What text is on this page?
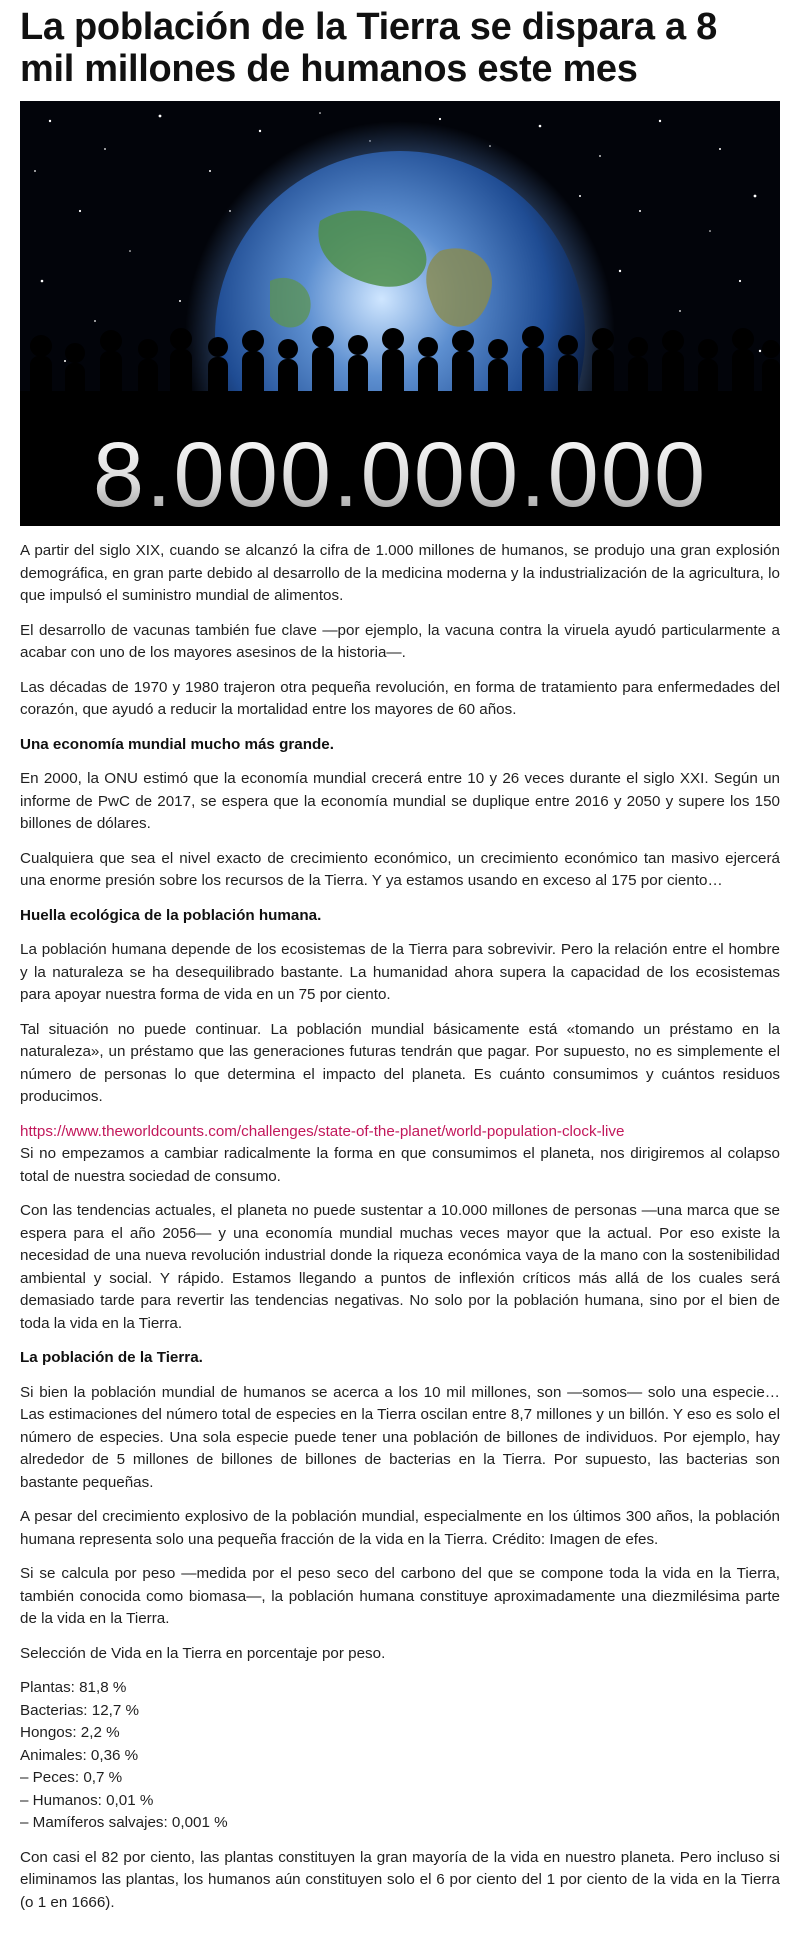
La población de la Tierra se dispara a 8 mil millones de humanos este mes
8.000.000.000

A partir del siglo XIX, cuando se alcanzó la cifra de 1.000 millones de humanos, se produjo una gran explosión demográfica, en gran parte debido al desarrollo de la medicina moderna y la industrialización de la agricultura, lo que impulsó el suministro mundial de alimentos.

El desarrollo de vacunas también fue clave —por ejemplo, la vacuna contra la viruela ayudó particularmente a acabar con uno de los mayores asesinos de la historia—.

Las décadas de 1970 y 1980 trajeron otra pequeña revolución, en forma de tratamiento para enfermedades del corazón, que ayudó a reducir la mortalidad entre los mayores de 60 años.

Una economía mundial mucho más grande.

En 2000, la ONU estimó que la economía mundial crecerá entre 10 y 26 veces durante el siglo XXI. Según un informe de PwC de 2017, se espera que la economía mundial se duplique entre 2016 y 2050 y supere los 150 billones de dólares.

Cualquiera que sea el nivel exacto de crecimiento económico, un crecimiento económico tan masivo ejercerá una enorme presión sobre los recursos de la Tierra. Y ya estamos usando en exceso al 175 por ciento…

Huella ecológica de la población humana.

La población humana depende de los ecosistemas de la Tierra para sobrevivir. Pero la relación entre el hombre y la naturaleza se ha desequilibrado bastante. La humanidad ahora supera la capacidad de los ecosistemas para apoyar nuestra forma de vida en un 75 por ciento.

Tal situación no puede continuar. La población mundial básicamente está «tomando un préstamo en la naturaleza», un préstamo que las generaciones futuras tendrán que pagar. Por supuesto, no es simplemente el número de personas lo que determina el impacto del planeta. Es cuánto consumimos y cuántos residuos producimos.

https://www.theworldcounts.com/challenges/state-of-the-planet/world-population-clock-live

Si no empezamos a cambiar radicalmente la forma en que consumimos el planeta, nos dirigiremos al colapso total de nuestra sociedad de consumo.

Con las tendencias actuales, el planeta no puede sustentar a 10.000 millones de personas —una marca que se espera para el año 2056— y una economía mundial muchas veces mayor que la actual. Por eso existe la necesidad de una nueva revolución industrial donde la riqueza económica vaya de la mano con la sostenibilidad ambiental y social. Y rápido. Estamos llegando a puntos de inflexión críticos más allá de los cuales será demasiado tarde para revertir las tendencias negativas. No solo por la población humana, sino por el bien de toda la vida en la Tierra.

La población de la Tierra.

Si bien la población mundial de humanos se acerca a los 10 mil millones, son —somos— solo una especie… Las estimaciones del número total de especies en la Tierra oscilan entre 8,7 millones y un billón. Y eso es solo el número de especies. Una sola especie puede tener una población de billones de individuos. Por ejemplo, hay alrededor de 5 millones de billones de billones de bacterias en la Tierra. Por supuesto, las bacterias son bastante pequeñas.

A pesar del crecimiento explosivo de la población mundial, especialmente en los últimos 300 años, la población humana representa solo una pequeña fracción de la vida en la Tierra. Crédito: Imagen de efes.

Si se calcula por peso —medida por el peso seco del carbono del que se compone toda la vida en la Tierra, también conocida como biomasa—, la población humana constituye aproximadamente una diezmilésima parte de la vida en la Tierra.

Selección de Vida en la Tierra en porcentaje por peso.

Plantas: 81,8 %
Bacterias: 12,7 %
Hongos: 2,2 %
Animales: 0,36 %
– Peces: 0,7 %
– Humanos: 0,01 %
– Mamíferos salvajes: 0,001 %

Con casi el 82 por ciento, las plantas constituyen la gran mayoría de la vida en nuestro planeta. Pero incluso si eliminamos las plantas, los humanos aún constituyen solo el 6 por ciento del 1 por ciento de la vida en la Tierra (o 1 en 1666).
